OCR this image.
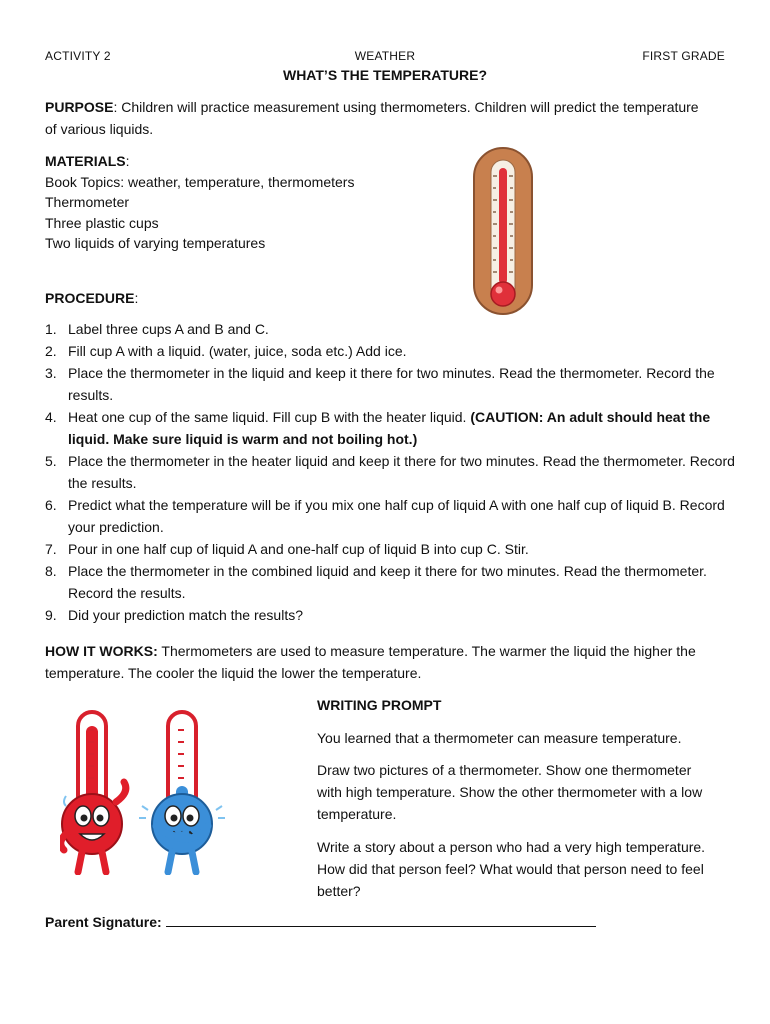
ACTIVITY 2	WEATHER	FIRST GRADE
WHAT’S THE TEMPERATURE?
PURPOSE: Children will practice measurement using thermometers. Children will predict the temperature of various liquids.
MATERIALS:
Book Topics: weather, temperature, thermometers
Thermometer
Three plastic cups
Two liquids of varying temperatures
PROCEDURE:
1. Label three cups A and B and C.
2. Fill cup A with a liquid. (water, juice, soda etc.) Add ice.
3. Place the thermometer in the liquid and keep it there for two minutes. Read the thermometer. Record the results.
4. Heat one cup of the same liquid. Fill cup B with the heater liquid. (CAUTION: An adult should heat the liquid. Make sure liquid is warm and not boiling hot.)
5. Place the thermometer in the heater liquid and keep it there for two minutes. Read the thermometer. Record the results.
6. Predict what the temperature will be if you mix one half cup of liquid A with one half cup of liquid B. Record your prediction.
7. Pour in one half cup of liquid A and one-half cup of liquid B into cup C. Stir.
8. Place the thermometer in the combined liquid and keep it there for two minutes. Read the thermometer. Record the results.
9. Did your prediction match the results?
HOW IT WORKS: Thermometers are used to measure temperature. The warmer the liquid the higher the temperature. The cooler the liquid the lower the temperature.
WRITING PROMPT
You learned that a thermometer can measure temperature.
Draw two pictures of a thermometer. Show one thermometer with high temperature. Show the other thermometer with a low temperature.
Write a story about a person who had a very high temperature. How did that person feel? What would that person need to feel better?
Parent Signature:
